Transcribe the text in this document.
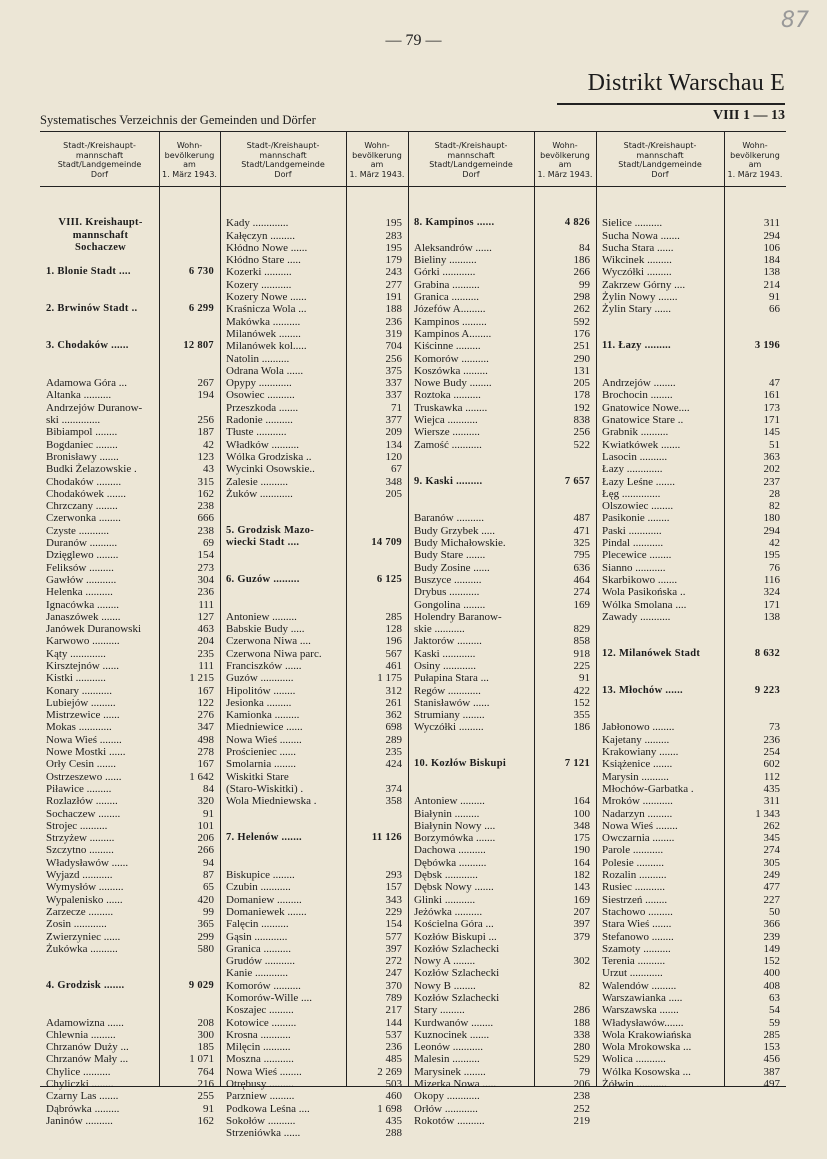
— 79 —
87
Distrikt Warschau E
Systematisches Verzeichnis der Gemeinden und Dörfer	VIII 1 — 13
Stadt-/Kreishaupt-
mannschaft
Stadt/Landgemeinde
Dorf
Wohn-
bevölkerung
am
1. März 1943.
Stadt-/Kreishaupt-
mannschaft
Stadt/Landgemeinde
Dorf
Wohn-
bevölkerung
am
1. März 1943.
Stadt-/Kreishaupt-
mannschaft
Stadt/Landgemeinde
Dorf
Wohn-
bevölkerung
am
1. März 1943.
Stadt-/Kreishaupt-
mannschaft
Stadt/Landgemeinde
Dorf
Wohn-
bevölkerung
am
1. März 1943.
VIII. Kreishaupt-
mannschaft
Sochaczew
1. Blonie Stadt ....	6 730
2. Brwinów Stadt ..	6 299
3. Chodaków ......	12 807
Adamowa Góra ...	267
Altanka ..........	194
Andrzejów Duranow-
ski ..............	256
Bibiampol ........	187
Bogdaniec ........	42
Bronisławy .......	123
Budki Żelazowskie .	43
Chodaków .........	315
Chodakówek .......	162
Chrzczany ........	238
Czerwonka ........	666
Czyste ...........	238
Duranów ..........	69
Dzięglewo ........	154
Feliksów .........	273
Gawłów ...........	304
Helenka ..........	236
Ignacówka ........	111
Janaszówek .......	127
Janówek Duranowski	463
Karwowo ..........	204
Kąty .............	235
Kirsztejnów ......	111
Kistki ...........	1 215
Konary ...........	167
Lubiejów .........	122
Mistrzewice ......	276
Mokas ............	347
Nowa Wieś ........	498
Nowe Mostki ......	278
Orły Cesin .......	167
Ostrzeszewo ......	1 642
Piławice .........	84
Rozlazłów ........	320
Sochaczew ........	91
Strojec ..........	101
Strzyżew .........	206
Szczytno .........	266
Władysławów ......	94
Wyjazd ...........	87
Wymysłów .........	65
Wypalenisko ......	420
Zarzecze .........	99
Zosin ............	365
Zwierzyniec ......	299
Żukówka ..........	580
4. Grodzisk .......	9 029
Adamowizna ......	208
Chlewnia .........	300
Chrzanów Duży ...	185
Chrzanów Mały ...	1 071
Chylice ..........	764
Chyliczki ........	216
Czarny Las .......	255
Dąbrówka .........	91
Janinów ..........	162
Kady .............	195
Kałęczyn .........	283
Kłódno Nowe ......	195
Kłódno Stare .....	179
Kozerki ..........	243
Kozery ...........	277
Kozery Nowe ......	191
Kraśnicza Wola ...	188
Makówka ..........	236
Milanówek ........	319
Milanówek kol.....	704
Natolin ..........	256
Odrana Wola ......	375
Opypy ............	337
Osowiec ..........	337
Przeszkoda .......	71
Radonie ..........	377
Tłuste ...........	209
Władków ..........	134
Wólka Grodziska ..	120
Wycinki Osowskie..	67
Zalesie ..........	348
Żuków ............	205
5. Grodzisk Mazo-
wiecki Stadt ....	14 709
6. Guzów .........	6 125
Antoniew .........	285
Babskie Budy .....	128
Czerwona Niwa ....	196
Czerwona Niwa parc.	567
Franciszków ......	461
Guzów ............	1 175
Hipolitów ........	312
Jesionka .........	261
Kamionka .........	362
Miedniewice ......	698
Nowa Wieś ........	289
Prościeniec ......	235
Smolarnia ........	424
Wiskitki Stare
(Staro-Wiskitki) .	374
Wola Miedniewska .	358
7. Helenów .......	11 126
Biskupice ........	293
Czubin ...........	157
Domaniew .........	343
Domaniewek .......	229
Falęcin ..........	154
Gąsin ............	577
Granica ..........	397
Grudów ...........	272
Kanie ............	247
Komorów ..........	370
Komorów-Wille ....	789
Koszajec .........	217
Kotowice .........	144
Krosna ...........	537
Milęcin ..........	236
Moszna ...........	485
Nowa Wieś ........	2 269
Otrębusy .........	503
Parzniew .........	460
Podkowa Leśna ....	1 698
Sokołów ..........	435
Strzeniówka ......	288
8. Kampinos ......	4 826
Aleksandrów ......	84
Bieliny ..........	186
Górki ............	266
Grabina ..........	99
Granica ..........	298
Józefów A.........	262
Kampinos .........	592
Kampinos A........	176
Kiścinne .........	251
Komorów ..........	290
Koszówka .........	131
Nowe Budy ........	205
Roztoka ..........	178
Truskawka ........	192
Wiejca ...........	838
Wiersze ..........	256
Zamość ...........	522
9. Kaski .........	7 657
Baranów ..........	487
Budy Grzybek .....	471
Budy Michałowskie.	325
Budy Stare .......	795
Budy Zosine ......	636
Buszyce ..........	464
Drybus ...........	274
Gongolina ........	169
Holendry Baranow-
skie ...........	829
Jaktorów .........	858
Kaski ............	918
Osiny ............	225
Pułapina Stara ...	91
Regów ............	422
Stanisławów ......	152
Strumiany ........	355
Wyczółki .........	186
10. Kozłów Biskupi	7 121
Antoniew .........	164
Białynin .........	100
Białynin Nowy ....	348
Borzymówka .......	175
Dachowa ..........	190
Dębówka ..........	164
Dębsk ............	182
Dębsk Nowy .......	143
Glinki ...........	169
Jeżówka ..........	207
Kościelna Góra ...	397
Kozłów Biskupi ...	379
Kozłów Szlachecki
Nowy A ........	302
Kozłów Szlachecki
Nowy B ........	82
Kozłów Szlachecki
Stary .........	286
Kurdwanów ........	188
Kuznocinek .......	338
Leonów ...........	280
Malesin ..........	529
Marysinek ........	79
Mizerka Nowa .....	206
Okopy ............	238
Orłów ............	252
Rokotów ..........	219
Sielice ..........	311
Sucha Nowa .......	294
Sucha Stara ......	106
Wikcinek .........	184
Wyczółki .........	138
Zakrzew Górny ....	214
Żylin Nowy .......	91
Żylin Stary ......	66
11. Łazy .........	3 196
Andrzejów ........	47
Brochocin ........	161
Gnatowice Nowe....	173
Gnatowice Stare ..	171
Grabnik ..........	145
Kwiatkówek .......	51
Lasocin ..........	363
Łazy .............	202
Łazy Leśne .......	237
Łęg ..............	28
Olszowiec ........	82
Pasikonie ........	180
Paski ............	294
Pindal ...........	42
Plecewice ........	195
Sianno ...........	76
Skarbikowo .......	116
Wola Pasikońska ..	324
Wólka Smolana ....	171
Zawady ...........	138
12. Milanówek Stadt	8 632
13. Młochów ......	9 223
Jabłonowo ........	73
Kajetany .........	236
Krakowiany .......	254
Książenice .......	602
Marysin ..........	112
Młochów-Garbatka .	435
Mroków ...........	311
Nadarzyn .........	1 343
Nowa Wieś ........	262
Owczarnia ........	345
Parole ...........	274
Polesie ..........	305
Rozalin ..........	249
Rusiec ...........	477
Siestrzeń ........	227
Stachowo .........	50
Stara Wieś .......	366
Stefanowo ........	239
Szamoty ..........	149
Terenia ..........	152
Urzut ............	400
Walendów .........	408
Warszawianka .....	63
Warszawska .......	54
Władysławów.......	59
Wola Krakowiańska	285
Wola Mrokowska ...	153
Wolica ...........	456
Wólka Kosowska ...	387
Żółwin ...........	497
